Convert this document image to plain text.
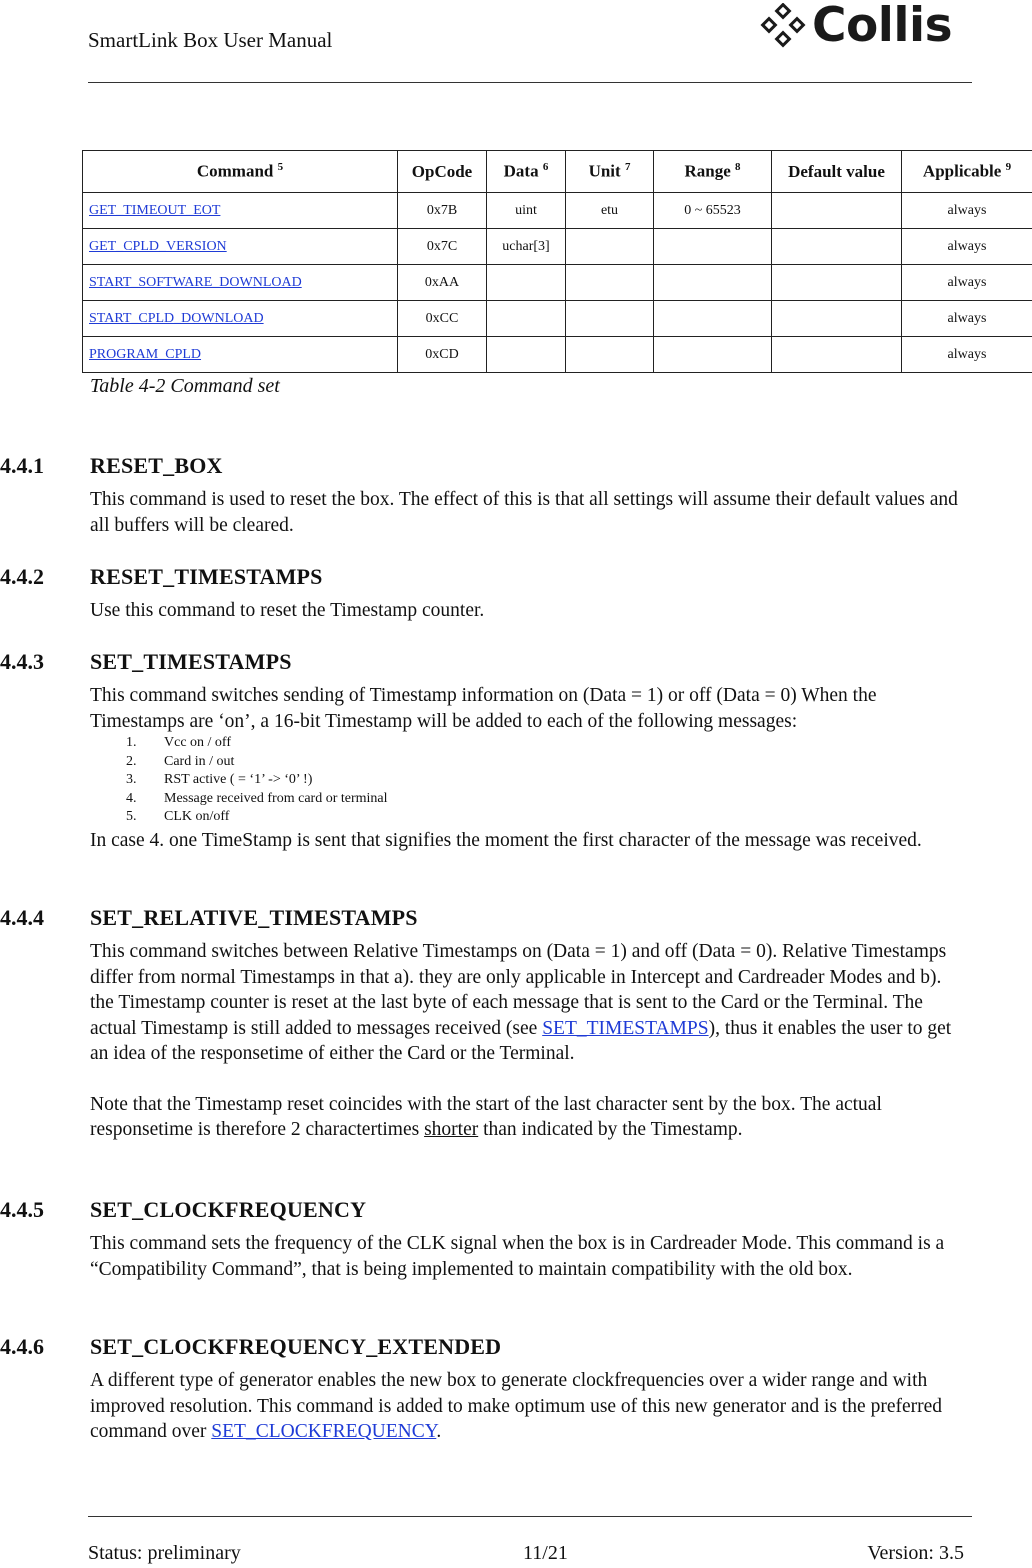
SmartLink Box User Manual	Collis
Command $^5$	OpCode	Data $^6$	Unit $^7$	Range $^8$	Default value	Applicable $^9$
GET_TIMEOUT_EOT	0x7B	uint	etu	0 ~ 65523		always
GET_CPLD_VERSION	0x7C	uchar[3]				always
START_SOFTWARE_DOWNLOAD	0xAA					always
START_CPLD_DOWNLOAD	0xCC					always
PROGRAM_CPLD	0xCD					always
Table 4-2 Command set
4.4.1 RESET_BOX

This command is used to reset the box. The effect of this is that all settings will assume their default values and all buffers will be cleared.

4.4.2 RESET_TIMESTAMPS

Use this command to reset the Timestamp counter.

4.4.3 SET_TIMESTAMPS

This command switches sending of Timestamp information on (Data = 1) or off (Data = 0) When the Timestamps are ‘on’, a 16-bit Timestamp will be added to each of the following messages:

1. Vcc on / off
2. Card in / out
3. RST active ( = ‘1’ -> ‘0’ !)
4. Message received from card or terminal
5. CLK on/off

In case 4. one TimeStamp is sent that signifies the moment the first character of the message was received.

4.4.4 SET_RELATIVE_TIMESTAMPS

This command switches between Relative Timestamps on (Data = 1) and off (Data = 0). Relative Timestamps differ from normal Timestamps in that a). they are only applicable in Intercept and Cardreader Modes and b). the Timestamp counter is reset at the last byte of each message that is sent to the Card or the Terminal. The actual Timestamp is still added to messages received (see SET_TIMESTAMPS), thus it enables the user to get an idea of the responsetime of either the Card or the Terminal.

Note that the Timestamp reset coincides with the start of the last character sent by the box. The actual responsetime is therefore 2 charactertimes shorter than indicated by the Timestamp.

4.4.5 SET_CLOCKFREQUENCY

This command sets the frequency of the CLK signal when the box is in Cardreader Mode. This command is a “Compatibility Command”, that is being implemented to maintain compatibility with the old box.

4.4.6 SET_CLOCKFREQUENCY_EXTENDED

A different type of generator enables the new box to generate clockfrequencies over a wider range and with improved resolution. This command is added to make optimum use of this new generator and is the preferred command over SET_CLOCKFREQUENCY.

Status: preliminary	11/21	Version: 3.5
